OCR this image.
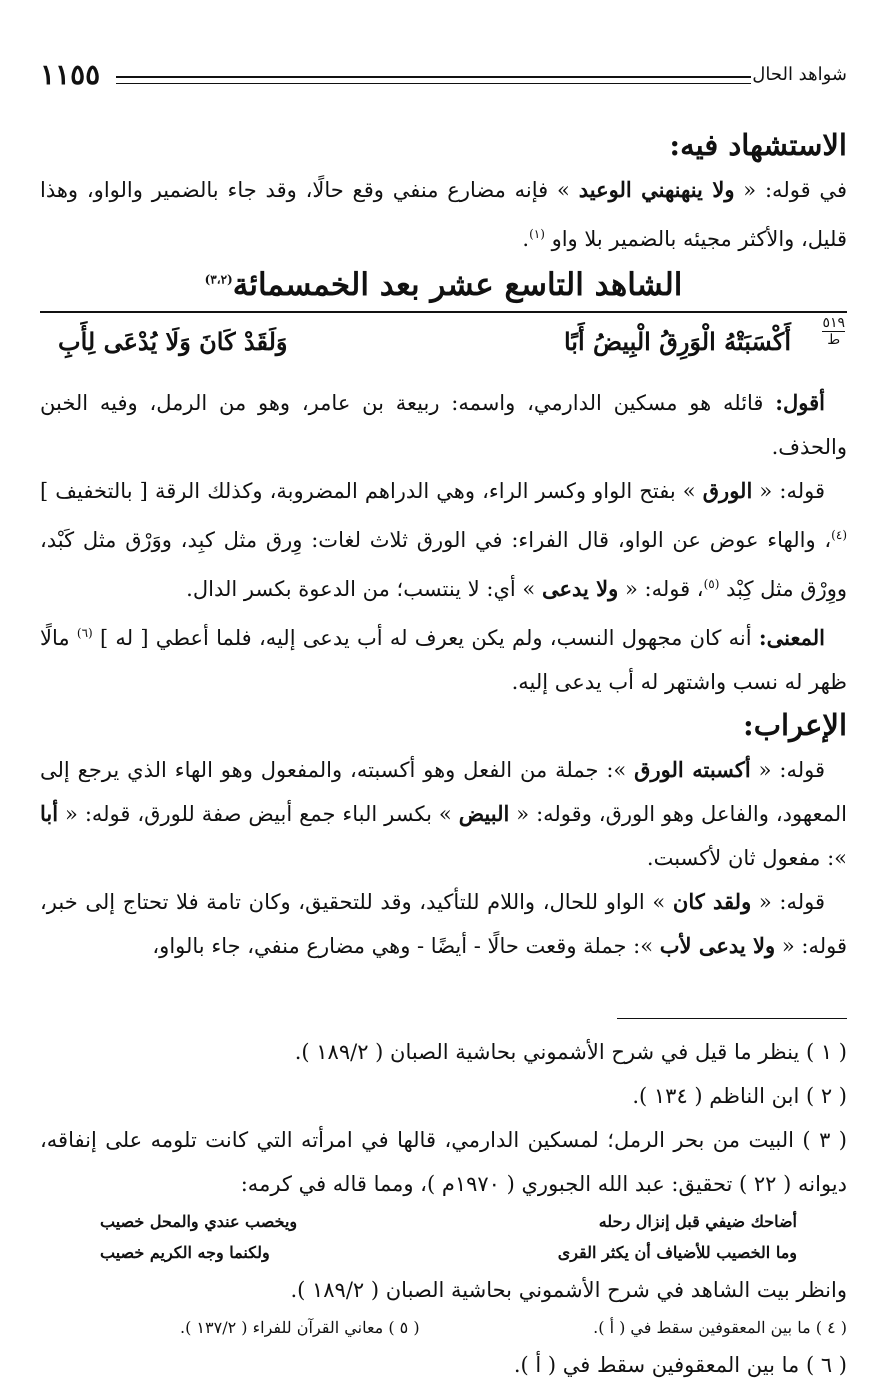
شواهد الحال
١١٥٥
الاستشهاد فيه:

في قوله: « ولا ينهنهني الوعيد » فإنه مضارع منفي وقع حالًا، وقد جاء بالضمير والواو، وهذا قليل، والأكثر مجيئه بالضمير بلا واو $^{(١)}$.

الشاهد التاسع عشر بعد الخمسمائة$^{(٣،٢)}$
٥١٩
ط
أَكْسَبَتْهُ الْوَرِقُ الْبِيضُ أَبًا
وَلَقَدْ كَانَ وَلَا يُدْعَى لِأَبِ

أقول: قائله هو مسكين الدارمي، واسمه: ربيعة بن عامر، وهو من الرمل، وفيه الخبن والحذف.

قوله: « الورق » بفتح الواو وكسر الراء، وهي الدراهم المضروبة، وكذلك الرقة [ بالتخفيف ] $^{(٤)}$، والهاء عوض عن الواو، قال الفراء: في الورق ثلاث لغات: وِرق مثل كبِد، ووَرْق مثل كَبْد، ووِرْق مثل كِبْد $^{(٥)}$، قوله: « ولا يدعى » أي: لا ينتسب؛ من الدعوة بكسر الدال.

المعنى: أنه كان مجهول النسب، ولم يكن يعرف له أب يدعى إليه، فلما أعطي [ له ] $^{(٦)}$ مالًا ظهر له نسب واشتهر له أب يدعى إليه.

الإعراب:

قوله: « أكسبته الورق »: جملة من الفعل وهو أكسبته، والمفعول وهو الهاء الذي يرجع إلى المعهود، والفاعل وهو الورق، وقوله: « البيض » بكسر الباء جمع أبيض صفة للورق، قوله: « أبا »: مفعول ثان لأكسبت.

قوله: « ولقد كان » الواو للحال، واللام للتأكيد، وقد للتحقيق، وكان تامة فلا تحتاج إلى خبر، قوله: « ولا يدعى لأب »: جملة وقعت حالًا - أيضًا - وهي مضارع منفي، جاء بالواو،

( ١ ) ينظر ما قيل في شرح الأشموني بحاشية الصبان ( ١٨٩/٢ ).

( ٢ ) ابن الناظم ( ١٣٤ ).

( ٣ ) البيت من بحر الرمل؛ لمسكين الدارمي، قالها في امرأته التي كانت تلومه على إنفاقه، ديوانه ( ٢٢ ) تحقيق: عبد الله الجبوري ( ١٩٧٠م )، ومما قاله في كرمه:

أضاحك ضيفي قبل إنزال رحله
ويخصب عندي والمحل خصيب
وما الخصيب للأضياف أن يكثر القرى
ولكنما وجه الكريم خصيب

وانظر بيت الشاهد في شرح الأشموني بحاشية الصبان ( ١٨٩/٢ ).

( ٤ ) ما بين المعقوفين سقط في ( أ ).
( ٥ ) معاني القرآن للفراء ( ١٣٧/٢ ).

( ٦ ) ما بين المعقوفين سقط في ( أ ).
